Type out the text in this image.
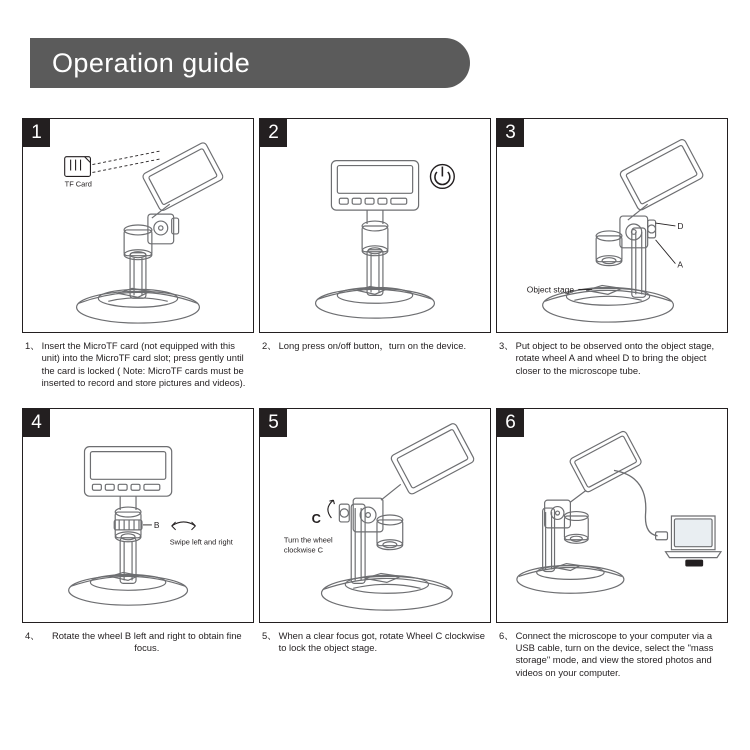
Operation guide
TF Card
1
1、 Insert the MicroTF card (not equipped with this unit) into the MicroTF card slot; press gently until the card is locked ( Note: MicroTF cards must be inserted to record and store pictures and videos).
2
2、 Long press on/off button，turn on the device.
D
A
Object stage
3
3、 Put object to be observed onto the object stage, rotate wheel A and wheel D to bring the object closer to the microscope tube.
B
Swipe left and right
4
4、	Rotate the wheel B left and right to obtain fine focus.
C
Turn the wheel
clockwise C
5
5、 When a clear focus got, rotate Wheel C clockwise to lock the object stage.
PC
6
6、 Connect the microscope to your computer via a USB cable, turn on the device, select the "mass storage" mode, and view the stored photos and videos on your computer.
